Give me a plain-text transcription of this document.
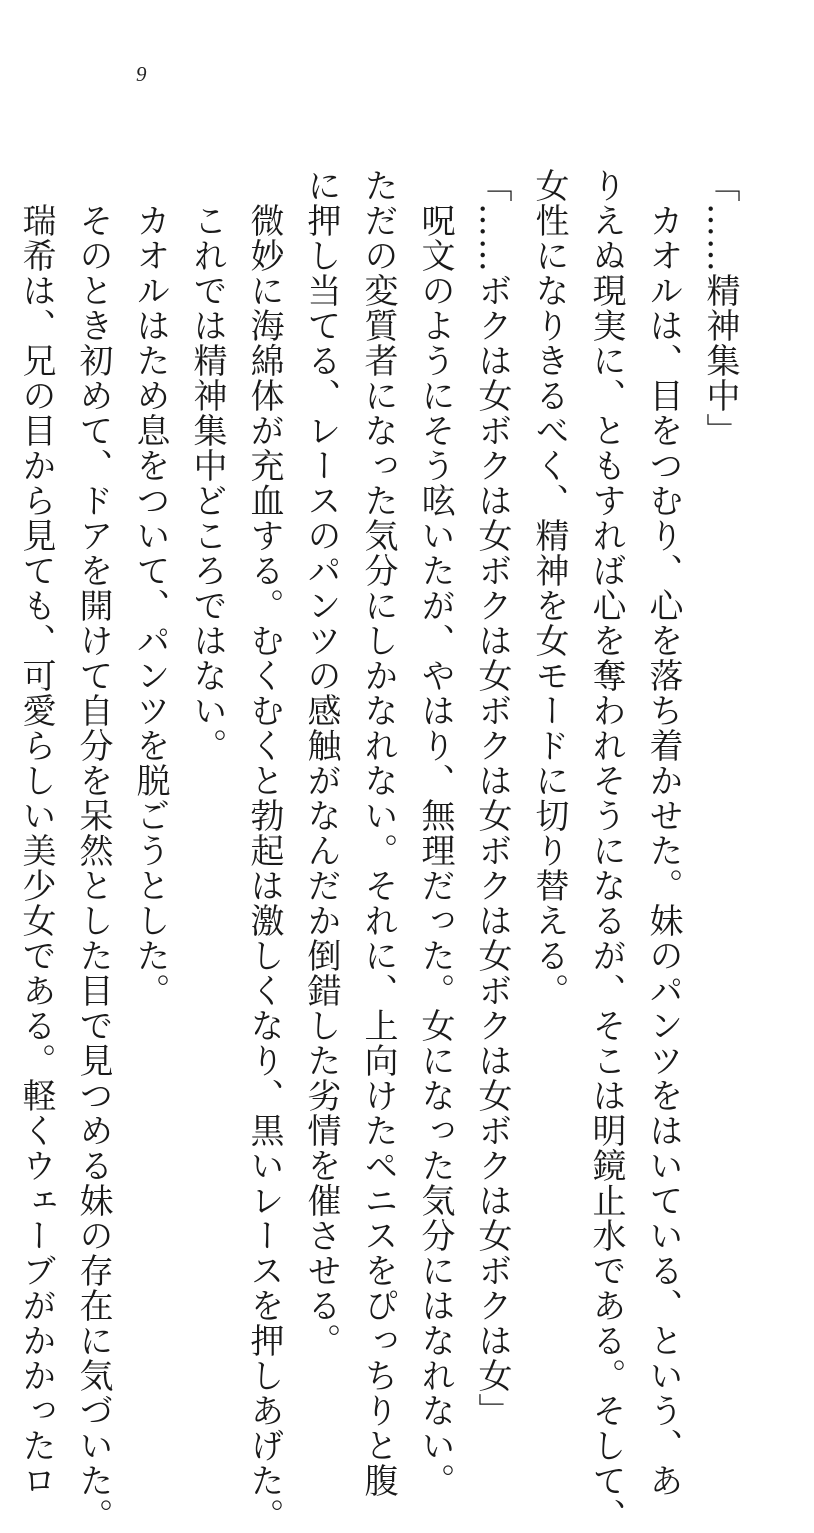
9
「……精神集中」
　カオルは、目をつむり、心を落ち着かせた。妹のパンツをはいている、という、あ
りえぬ現実に、ともすれば心を奪われそうになるが、そこは明鏡止水である。そして、
女性になりきるべく、精神を女モードに切り替える。
「……ボクは女ボクは女ボクは女ボクは女ボクは女ボクは女ボクは女ボクは女」
　呪文のようにそう呟いたが、やはり、無理だった。女になった気分にはなれない。
ただの変質者になった気分にしかなれない。それに、上向けたペニスをぴっちりと腹
に押し当てる、レースのパンツの感触がなんだか倒錯した劣情を催させる。
　微妙に海綿体が充血する。むくむくと勃起は激しくなり、黒いレースを押しあげた。
　これでは精神集中どころではない。
　カオルはため息をついて、パンツを脱ごうとした。
　そのとき初めて、ドアを開けて自分を呆然とした目で見つめる妹の存在に気づいた。
　瑞希は、兄の目から見ても、可愛らしい美少女である。軽くウェーブがかかったロ
